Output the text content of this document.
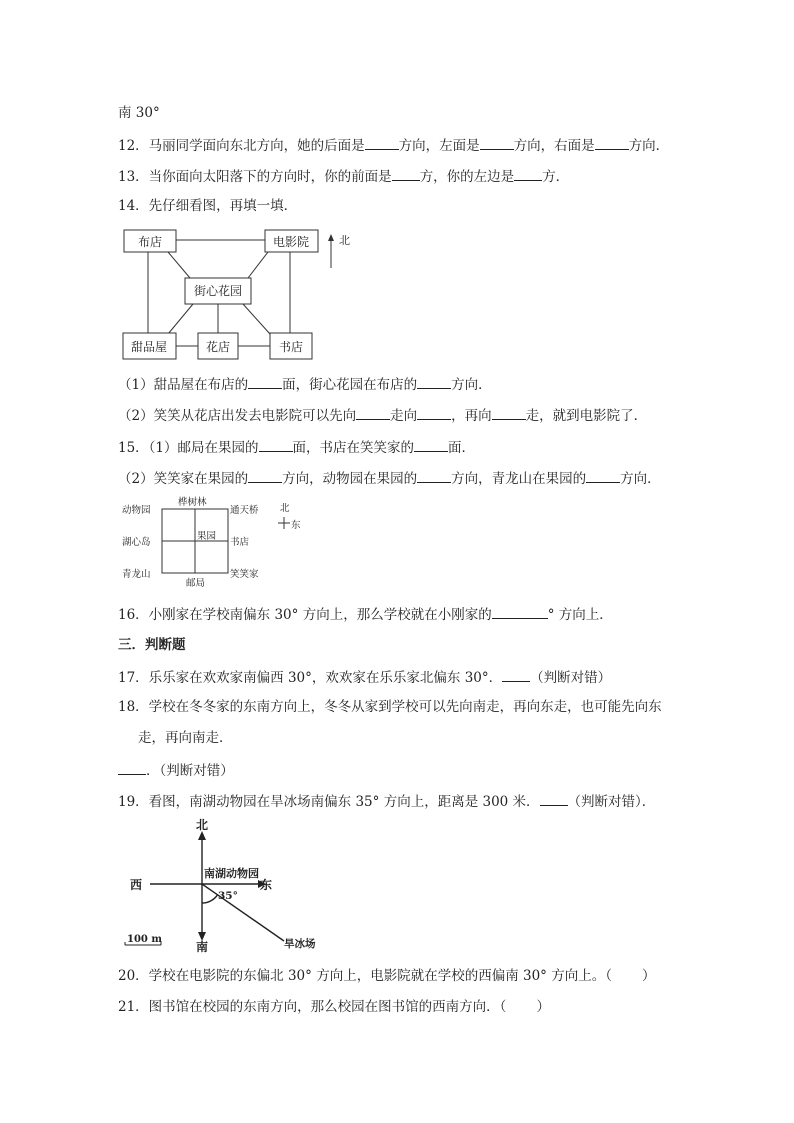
南 30°
12．马丽同学面向东北方向，她的后面是	方向，左面是	方向，右面是	方向．
13．当你面向太阳落下的方向时，你的前面是 方，你的左边是 方．
14．先仔细看图，再填一填．
布店	电影院
街心花园
甜品屋	花店	书店
北
（1）甜品屋在布店的	面，街心花园在布店的	方向．
（2）笑笑从花店出发去电影院可以先向	走向	，再向	走，就到电影院了．
15．（1）邮局在果园的	面，书店在笑笑家的	面．
（2）笑笑家在果园的	方向，动物园在果园的	方向，青龙山在果园的	方向．
动物园
桦树林
通天桥
湖心岛
果园
书店
青龙山
邮局
笑笑家
北
东
16．小刚家在学校南偏东 30° 方向上，那么学校就在小刚家的	° 方向上．
三．判断题
17．乐乐家在欢欢家南偏西 30°，欢欢家在乐乐家北偏东 30°． （判断对错）
18．学校在冬冬家的东南方向上，冬冬从家到学校可以先向南走，再向东走，也可能先向东
走，再向南走．
．（判断对错）
19．看图，南湖动物园在旱冰场南偏东 35° 方向上，距离是 300 米． （判断对错）．
北
南
西	东
南湖动物园
35°
旱冰场
100 m
20．学校在电影院的东偏北 30° 方向上，电影院就在学校的西偏南 30° 方向上。（ ）
21．图书馆在校园的东南方向，那么校园在图书馆的西南方向．（ ）
